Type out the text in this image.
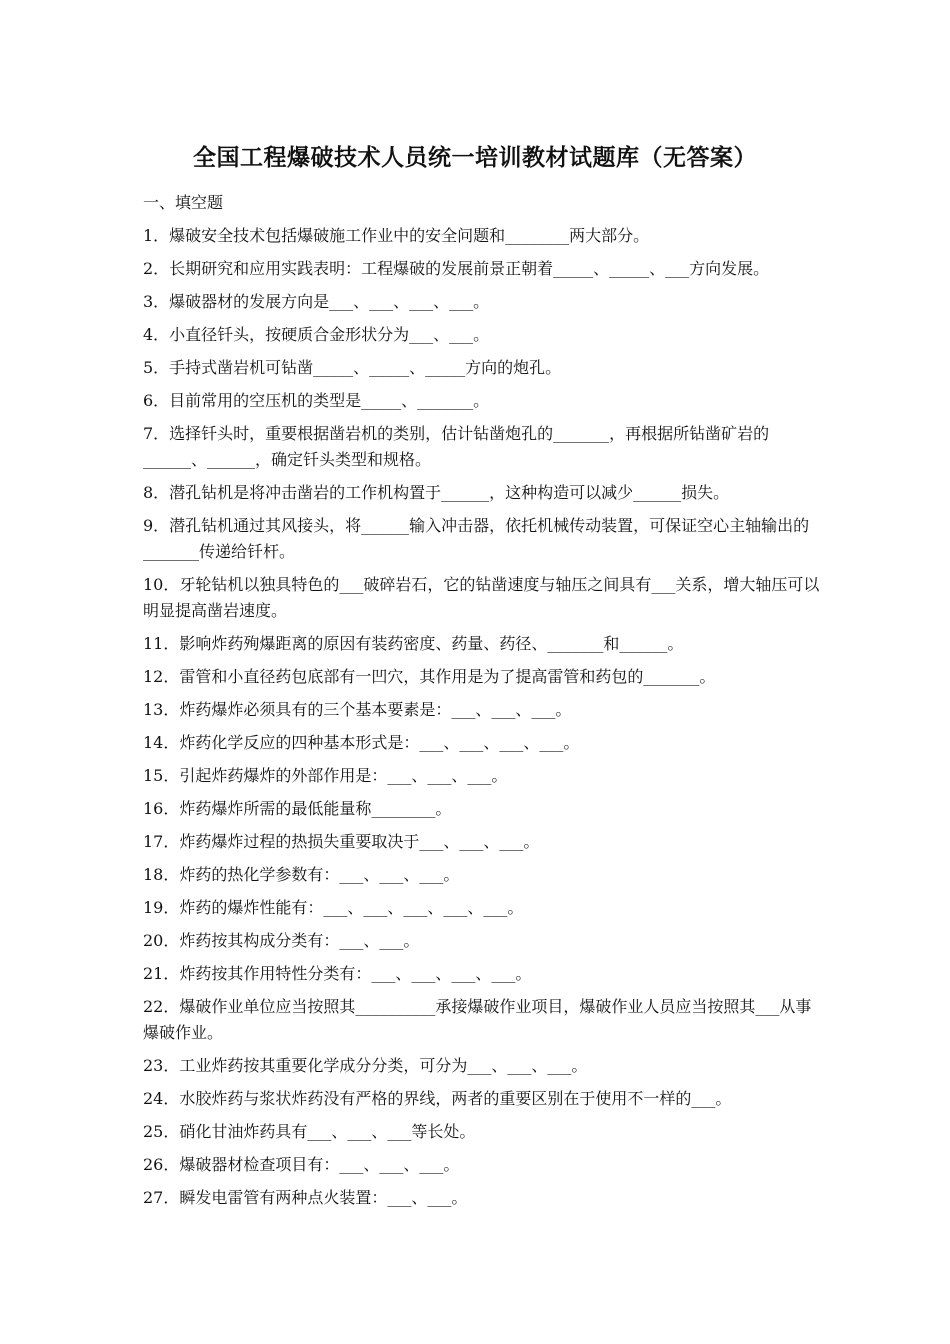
全国工程爆破技术人员统一培训教材试题库（无答案）
一、填空题
1．爆破安全技术包括爆破施工作业中的安全问题和________两大部分。
2．长期研究和应用实践表明：工程爆破的发展前景正朝着_____、_____、___方向发展。
3．爆破器材的发展方向是___、___、___、___。
4．小直径钎头，按硬质合金形状分为___、___。
5．手持式凿岩机可钻凿_____、_____、_____方向的炮孔。
6．目前常用的空压机的类型是_____、_______。
7．选择钎头时，重要根据凿岩机的类别，估计钻凿炮孔的_______，再根据所钻凿矿岩的______、______，确定钎头类型和规格。
8．潜孔钻机是将冲击凿岩的工作机构置于______，这种构造可以减少______损失。
9．潜孔钻机通过其风接头，将______输入冲击器，依托机械传动装置，可保证空心主轴输出的_______传递给钎杆。
10．牙轮钻机以独具特色的___破碎岩石，它的钻凿速度与轴压之间具有___关系，增大轴压可以明显提高凿岩速度。
11．影响炸药殉爆距离的原因有装药密度、药量、药径、_______和______。
12．雷管和小直径药包底部有一凹穴，其作用是为了提高雷管和药包的_______。
13．炸药爆炸必须具有的三个基本要素是：___、___、___。
14．炸药化学反应的四种基本形式是：___、___、___、___。
15．引起炸药爆炸的外部作用是：___、___、___。
16．炸药爆炸所需的最低能量称________。
17．炸药爆炸过程的热损失重要取决于___、___、___。
18．炸药的热化学参数有：___、___、___。
19．炸药的爆炸性能有：___、___、___、___、___。
20．炸药按其构成分类有：___、___。
21．炸药按其作用特性分类有：___、___、___、___。
22．爆破作业单位应当按照其__________承接爆破作业项目，爆破作业人员应当按照其___从事爆破作业。
23．工业炸药按其重要化学成分分类，可分为___、___、___。
24．水胶炸药与浆状炸药没有严格的界线，两者的重要区别在于使用不一样的___。
25．硝化甘油炸药具有___、___、___等长处。
26．爆破器材检查项目有：___、___、___。
27．瞬发电雷管有两种点火装置：___、___。
